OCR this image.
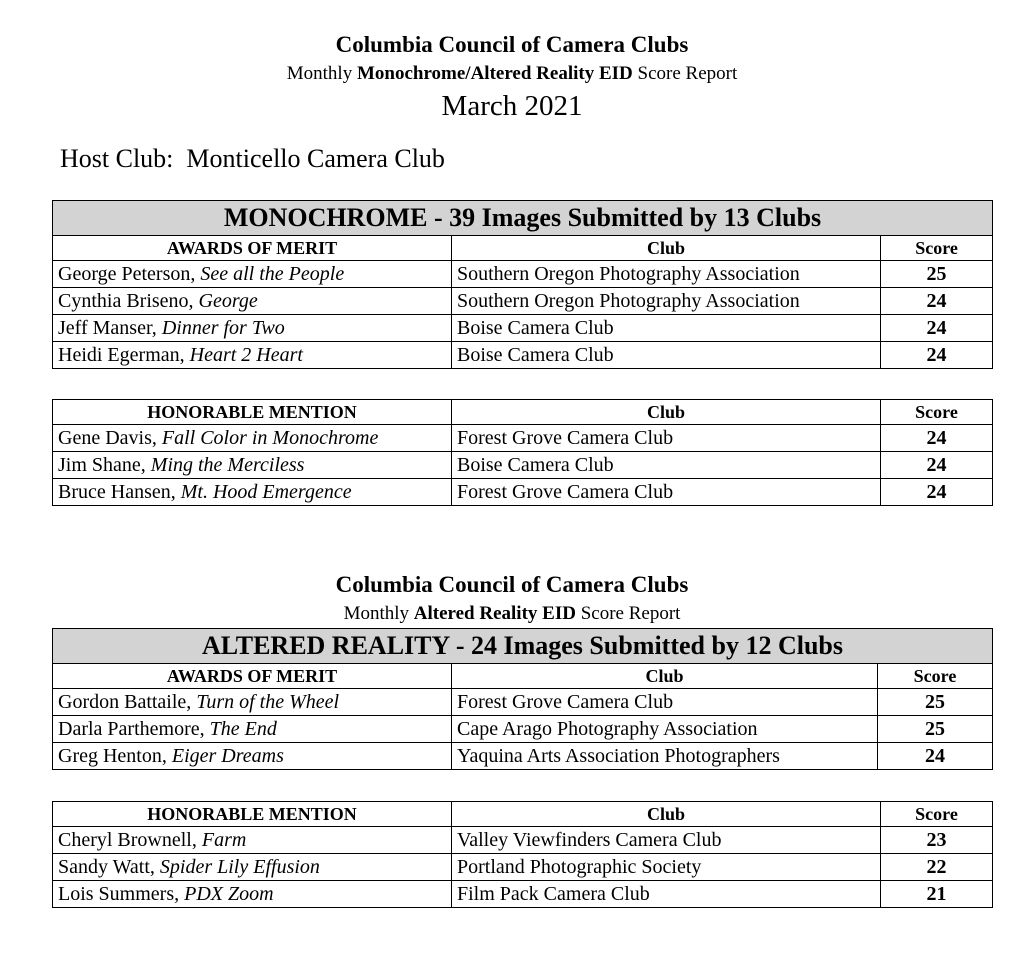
Columbia Council of Camera Clubs
Monthly Monochrome/Altered Reality EID Score Report
March 2021
Host Club: Monticello Camera Club
MONOCHROME - 39 Images Submitted by 13 Clubs		
AWARDS OF MERIT	Club	Score
George Peterson, See all the People	Southern Oregon Photography Association	25
Cynthia Briseno, George	Southern Oregon Photography Association	24
Jeff Manser, Dinner for Two	Boise Camera Club	24
Heidi Egerman, Heart 2 Heart	Boise Camera Club	24
HONORABLE MENTION	Club	Score
Gene Davis, Fall Color in Monochrome	Forest Grove Camera Club	24
Jim Shane, Ming the Merciless	Boise Camera Club	24
Bruce Hansen, Mt. Hood Emergence	Forest Grove Camera Club	24
Columbia Council of Camera Clubs
Monthly Altered Reality EID Score Report
ALTERED REALITY - 24 Images Submitted by 12 Clubs		
AWARDS OF MERIT	Club	Score
Gordon Battaile, Turn of the Wheel	Forest Grove Camera Club	25
Darla Parthemore, The End	Cape Arago Photography Association	25
Greg Henton, Eiger Dreams	Yaquina Arts Association Photographers	24
HONORABLE MENTION	Club	Score
Cheryl Brownell, Farm	Valley Viewfinders Camera Club	23
Sandy Watt, Spider Lily Effusion	Portland Photographic Society	22
Lois Summers, PDX Zoom	Film Pack Camera Club	21
